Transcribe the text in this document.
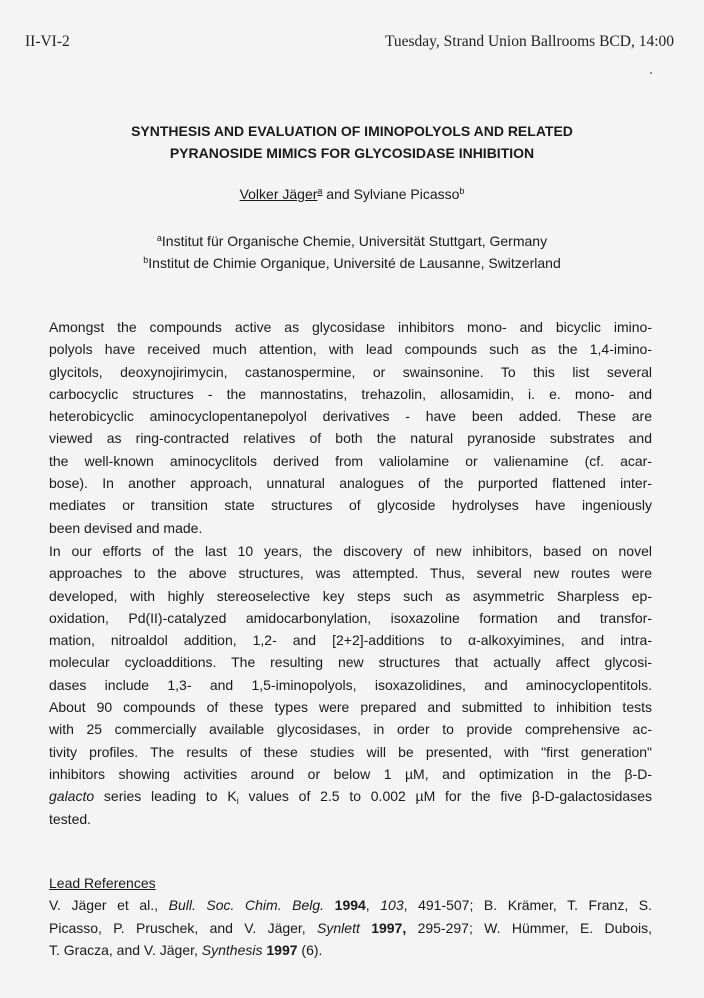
II-VI-2	Tuesday, Strand Union Ballrooms BCD, 14:00
SYNTHESIS AND EVALUATION OF IMINOPOLYOLS AND RELATED
PYRANOSIDE MIMICS FOR GLYCOSIDASE INHIBITION
Volker Jäger$^a$ and Sylviane Picasso$^b$
$^a$Institut für Organische Chemie, Universität Stuttgart, Germany
$^b$Institut de Chimie Organique, Université de Lausanne, Switzerland
Amongst the compounds active as glycosidase inhibitors mono- and bicyclic imino-
polyols have received much attention, with lead compounds such as the 1,4-imino-
glycitols, deoxynojirimycin, castanospermine, or swainsonine. To this list several
carbocyclic structures - the mannostatins, trehazolin, allosamidin, i. e. mono- and
heterobicyclic aminocyclopentanepolyol derivatives - have been added. These are
viewed as ring-contracted relatives of both the natural pyranoside substrates and
the well-known aminocyclitols derived from valiolamine or valienamine (cf. acar-
bose). In another approach, unnatural analogues of the purported flattened inter-
mediates or transition state structures of glycoside hydrolyses have ingeniously
been devised and made.
In our efforts of the last 10 years, the discovery of new inhibitors, based on novel
approaches to the above structures, was attempted. Thus, several new routes were
developed, with highly stereoselective key steps such as asymmetric Sharpless ep-
oxidation, Pd(II)-catalyzed amidocarbonylation, isoxazoline formation and transfor-
mation, nitroaldol addition, 1,2- and [2+2]-additions to α-alkoxyimines, and intra-
molecular cycloadditions. The resulting new structures that actually affect glycosi-
dases include 1,3- and 1,5-iminopolyols, isoxazolidines, and aminocyclopentitols.
About 90 compounds of these types were prepared and submitted to inhibition tests
with 25 commercially available glycosidases, in order to provide comprehensive ac-
tivity profiles. The results of these studies will be presented, with "first generation"
inhibitors showing activities around or below 1 µM, and optimization in the β-D-
galacto series leading to $K_i$ values of 2.5 to 0.002 µM for the five β-D-galactosidases
tested.
Lead References
V. Jäger et al., Bull. Soc. Chim. Belg. 1994, 103, 491-507; B. Krämer, T. Franz, S.
Picasso, P. Pruschek, and V. Jäger, Synlett 1997, 295-297; W. Hümmer, E. Dubois,
T. Gracza, and V. Jäger, Synthesis 1997 (6).
